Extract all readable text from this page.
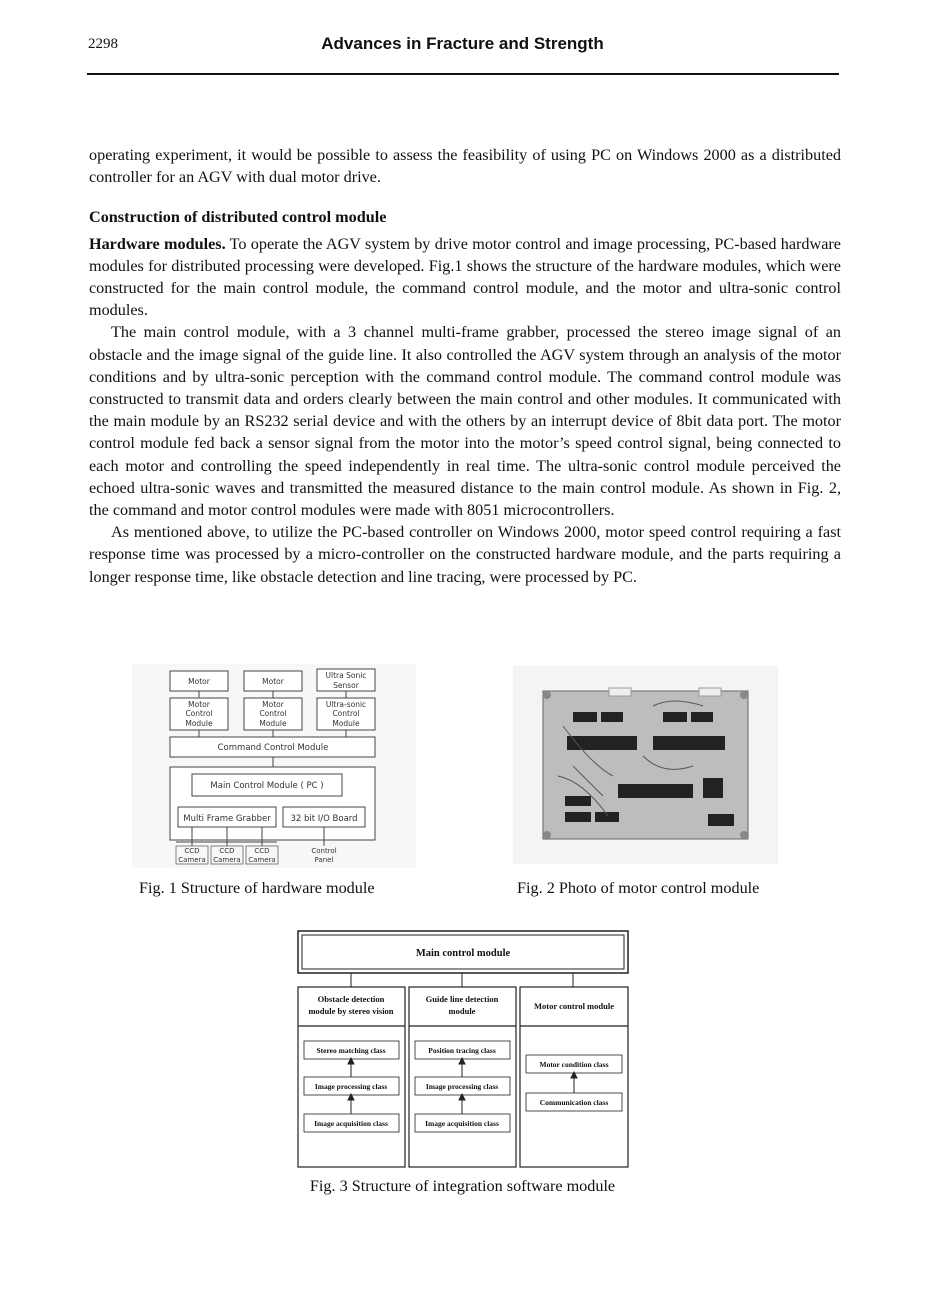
2298	Advances in Fracture and Strength

operating experiment, it would be possible to assess the feasibility of using PC on Windows 2000 as a distributed controller for an AGV with dual motor drive.

Construction of distributed control module

Hardware modules. To operate the AGV system by drive motor control and image processing, PC-based hardware modules for distributed processing were developed. Fig.1 shows the structure of the hardware modules, which were constructed for the main control module, the command control module, and the motor and ultra-sonic control modules.

The main control module, with a 3 channel multi-frame grabber, processed the stereo image signal of an obstacle and the image signal of the guide line. It also controlled the AGV system through an analysis of the motor conditions and by ultra-sonic perception with the command control module. The command control module was constructed to transmit data and orders clearly between the main control and other modules. It communicated with the main module by an RS232 serial device and with the others by an interrupt device of 8bit data port. The motor control module fed back a sensor signal from the motor into the motor’s speed control signal, being connected to each motor and controlling the speed independently in real time. The ultra-sonic control module perceived the echoed ultra-sonic waves and transmitted the measured distance to the main control module. As shown in Fig. 2, the command and motor control modules were made with 8051 microcontrollers.

As mentioned above, to utilize the PC-based controller on Windows 2000, motor speed control requiring a fast response time was processed by a micro-controller on the constructed hardware module, and the parts requiring a longer response time, like obstacle detection and line tracing, were processed by PC.

Motor	Motor
Ultra Sonic
Sensor
Motor
Control
Module
Motor
Control
Module
Ultra-sonic
Control
Module
Command Control Module
Main Control Module ( PC )
Multi Frame Grabber 32 bit I/O Board
CCD
Camera
CCD
Camera
CCD
Camera
Control
Panel
Fig. 1 Structure of hardware module	Fig. 2 Photo of motor control module
Main control module
Obstacle detection
module by stereo vision
Guide line detection
module	Motor control module
Stereo matching class
Image processing class
Image acquisition class
Position tracing class
Image processing class
Image acquisition class
Motor condition class
Communication class
Fig. 3 Structure of integration software module
